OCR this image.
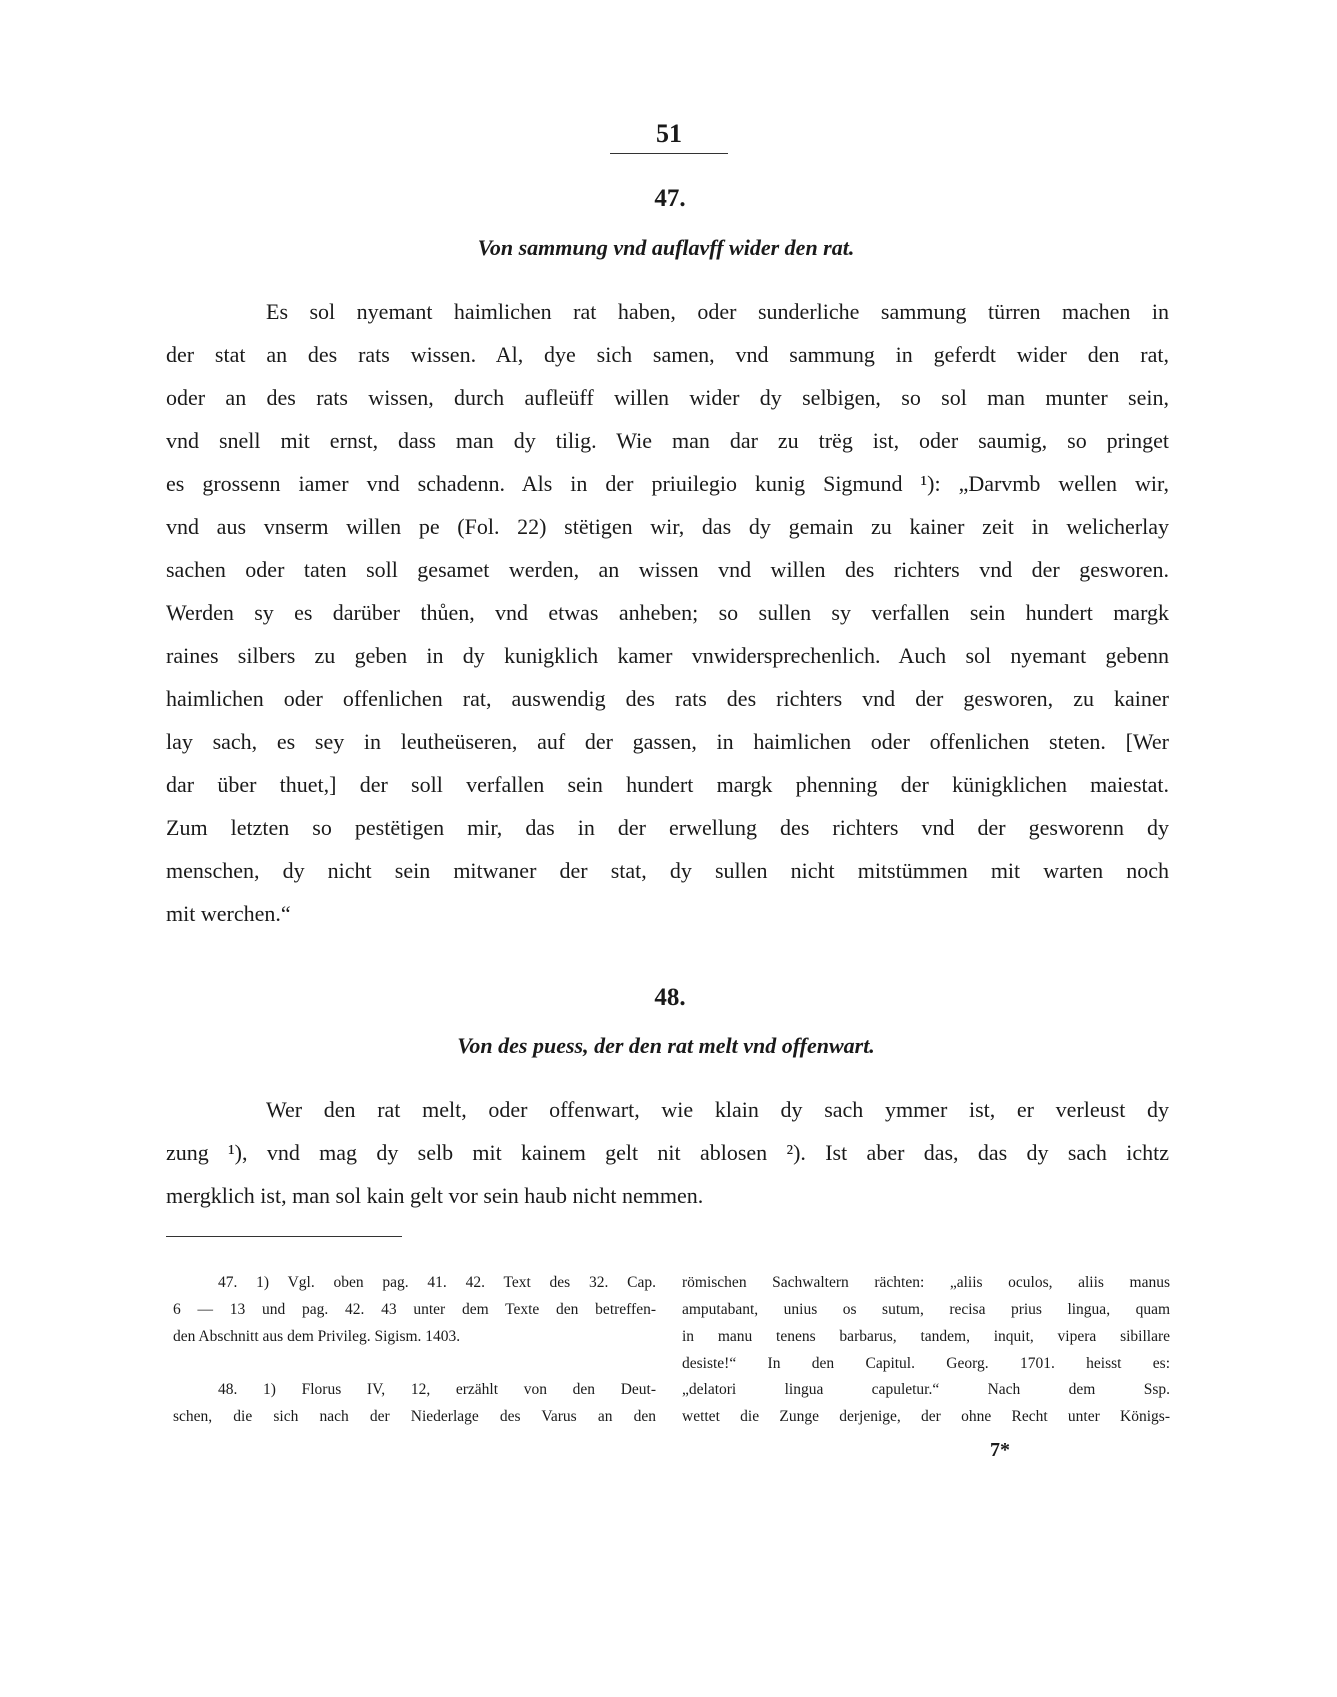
51
47.
Von sammung vnd auflavff wider den rat.
Es sol nyemant haimlichen rat haben, oder sunderliche sammung türren machen in
der stat an des rats wissen. Al, dye sich samen, vnd sammung in geferdt wider den rat,
oder an des rats wissen, durch aufleüff willen wider dy selbigen, so sol man munter sein,
vnd snell mit ernst, dass man dy tilig. Wie man dar zu trëg ist, oder saumig, so pringet
es grossenn iamer vnd schadenn. Als in der priuilegio kunig Sigmund ¹): „Darvmb wellen wir,
vnd aus vnserm willen pe (Fol. 22) stëtigen wir, das dy gemain zu kainer zeit in welicherlay
sachen oder taten soll gesamet werden, an wissen vnd willen des richters vnd der gesworen.
Werden sy es darüber thůen, vnd etwas anheben; so sullen sy verfallen sein hundert margk
raines silbers zu geben in dy kunigklich kamer vnwidersprechenlich. Auch sol nyemant gebenn
haimlichen oder offenlichen rat, auswendig des rats des richters vnd der gesworen, zu kainer
lay sach, es sey in leutheüseren, auf der gassen, in haimlichen oder offenlichen steten. [Wer
dar über thuet,] der soll verfallen sein hundert margk phenning der künigklichen maiestat.
Zum letzten so pestëtigen mir, das in der erwellung des richters vnd der gesworenn dy
menschen, dy nicht sein mitwaner der stat, dy sullen nicht mitstümmen mit warten noch
mit werchen.“
48.
Von des puess, der den rat melt vnd offenwart.
Wer den rat melt, oder offenwart, wie klain dy sach ymmer ist, er verleust dy
zung ¹), vnd mag dy selb mit kainem gelt nit ablosen ²). Ist aber das, das dy sach ichtz
mergklich ist, man sol kain gelt vor sein haub nicht nemmen.
47. 1) Vgl. oben pag. 41. 42. Text des 32. Cap.
6 — 13 und pag. 42. 43 unter dem Texte den betreffen-
den Abschnitt aus dem Privileg. Sigism. 1403.
48. 1) Florus IV, 12, erzählt von den Deut-
schen, die sich nach der Niederlage des Varus an den
römischen Sachwaltern rächten: „aliis oculos, aliis manus
amputabant, unius os sutum, recisa prius lingua, quam
in manu tenens barbarus, tandem, inquit, vipera sibillare
desiste!“ In den Capitul. Georg. 1701. heisst es:
„delatori lingua capuletur.“ Nach dem Ssp.
wettet die Zunge derjenige, der ohne Recht unter Königs-
7*
